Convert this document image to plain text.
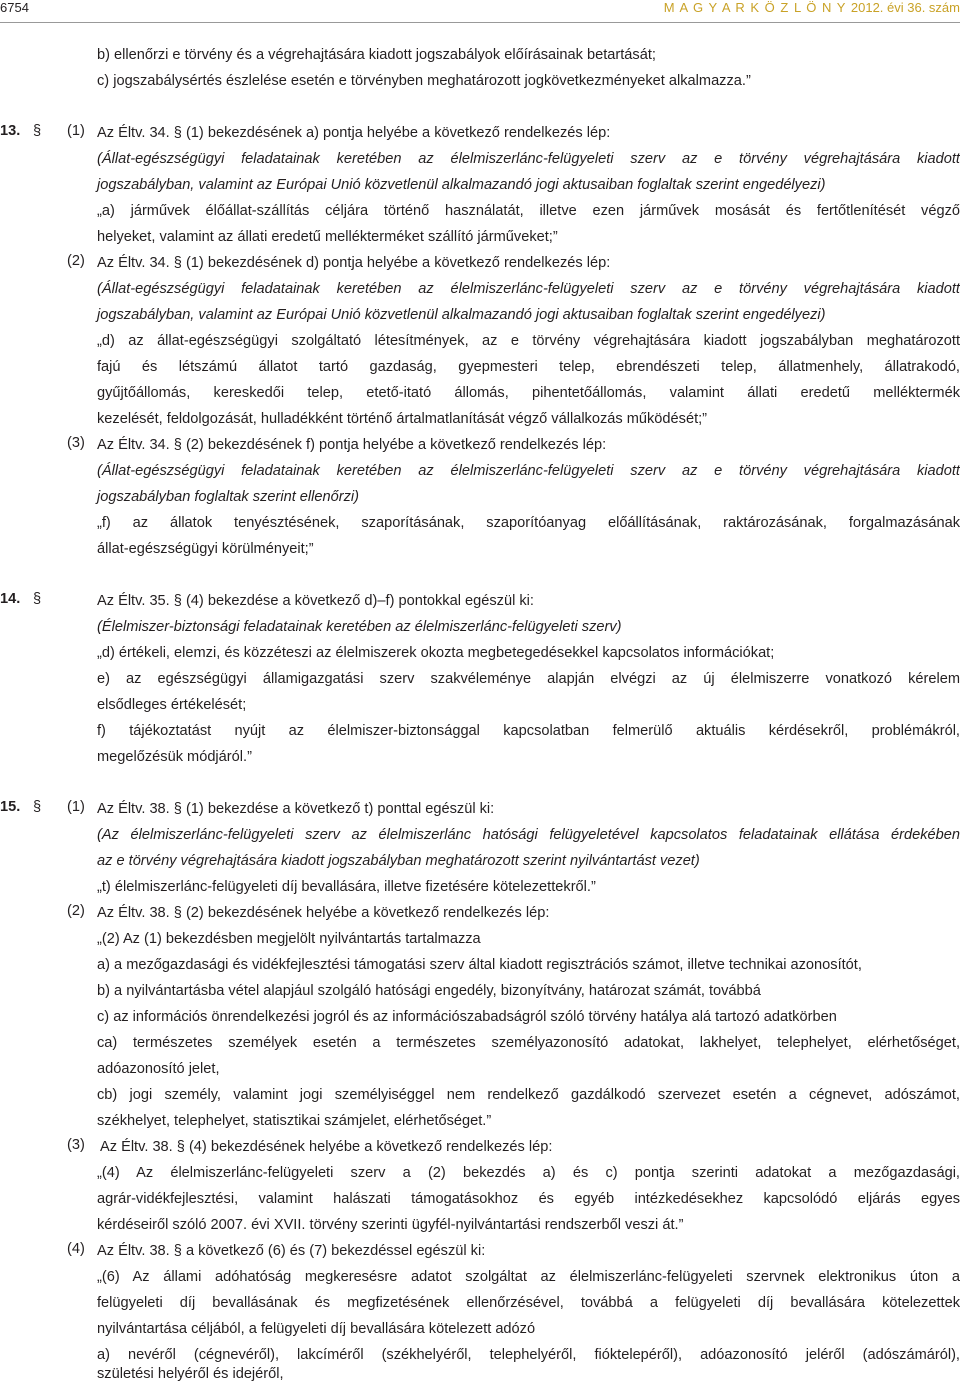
6754	M A G Y A R K Ö Z L Ö N Y 2012. évi 36. szám
b) ellenőrzi e törvény és a végrehajtására kiadott jogszabályok előírásainak betartását;
c) jogszabálysértés észlelése esetén e törvényben meghatározott jogkövetkezményeket alkalmazza.”
13. § (1) Az Éltv. 34. § (1) bekezdésének a) pontja helyébe a következő rendelkezés lép:
(Állat-egészségügyi feladatainak keretében az élelmiszerlánc-felügyeleti szerv az e törvény végrehajtására kiadott
jogszabályban, valamint az Európai Unió közvetlenül alkalmazandó jogi aktusaiban foglaltak szerint engedélyezi)
„a) járművek élőállat-szállítás céljára történő használatát, illetve ezen járművek mosását és fertőtlenítését végző
helyeket, valamint az állati eredetű mellékterméket szállító járműveket;”
(2) Az Éltv. 34. § (1) bekezdésének d) pontja helyébe a következő rendelkezés lép:
(Állat-egészségügyi feladatainak keretében az élelmiszerlánc-felügyeleti szerv az e törvény végrehajtására kiadott
jogszabályban, valamint az Európai Unió közvetlenül alkalmazandó jogi aktusaiban foglaltak szerint engedélyezi)
„d) az állat-egészségügyi szolgáltató létesítmények, az e törvény végrehajtására kiadott jogszabályban meghatározott
fajú és létszámú állatot tartó gazdaság, gyepmesteri telep, ebrendészeti telep, állatmenhely, állatrakodó,
gyűjtőállomás, kereskedői telep, etető-itató állomás, pihentetőállomás, valamint állati eredetű melléktermék
kezelését, feldolgozását, hulladékként történő ártalmatlanítását végző vállalkozás működését;”
(3) Az Éltv. 34. § (2) bekezdésének f) pontja helyébe a következő rendelkezés lép:
(Állat-egészségügyi feladatainak keretében az élelmiszerlánc-felügyeleti szerv az e törvény végrehajtására kiadott
jogszabályban foglaltak szerint ellenőrzi)
„f) az állatok tenyésztésének, szaporításának, szaporítóanyag előállításának, raktározásának, forgalmazásának
állat-egészségügyi körülményeit;”
14. §	Az Éltv. 35. § (4) bekezdése a következő d)–f) pontokkal egészül ki:
(Élelmiszer-biztonsági feladatainak keretében az élelmiszerlánc-felügyeleti szerv)
„d) értékeli, elemzi, és közzéteszi az élelmiszerek okozta megbetegedésekkel kapcsolatos információkat;
e) az egészségügyi államigazgatási szerv szakvéleménye alapján elvégzi az új élelmiszerre vonatkozó kérelem
elsődleges értékelését;
f) tájékoztatást nyújt az élelmiszer-biztonsággal kapcsolatban felmerülő aktuális kérdésekről, problémákról,
megelőzésük módjáról.”
15. § (1) Az Éltv. 38. § (1) bekezdése a következő t) ponttal egészül ki:
(Az élelmiszerlánc-felügyeleti szerv az élelmiszerlánc hatósági felügyeletével kapcsolatos feladatainak ellátása érdekében
az e törvény végrehajtására kiadott jogszabályban meghatározott szerint nyilvántartást vezet)
„t) élelmiszerlánc-felügyeleti díj bevallására, illetve fizetésére kötelezettekről.”
(2) Az Éltv. 38. § (2) bekezdésének helyébe a következő rendelkezés lép:
„(2) Az (1) bekezdésben megjelölt nyilvántartás tartalmazza
a) a mezőgazdasági és vidékfejlesztési támogatási szerv által kiadott regisztrációs számot, illetve technikai azonosítót,
b) a nyilvántartásba vétel alapjául szolgáló hatósági engedély, bizonyítvány, határozat számát, továbbá
c) az információs önrendelkezési jogról és az információszabadságról szóló törvény hatálya alá tartozó adatkörben
ca) természetes személyek esetén a természetes személyazonosító adatokat, lakhelyet, telephelyet, elérhetőséget,
adóazonosító jelet,
cb) jogi személy, valamint jogi személyiséggel nem rendelkező gazdálkodó szervezet esetén a cégnevet, adószámot,
székhelyet, telephelyet, statisztikai számjelet, elérhetőséget.”
(3) Az Éltv. 38. § (4) bekezdésének helyébe a következő rendelkezés lép:
„(4) Az élelmiszerlánc-felügyeleti szerv a (2) bekezdés a) és c) pontja szerinti adatokat a mezőgazdasági,
agrár-vidékfejlesztési, valamint halászati támogatásokhoz és egyéb intézkedésekhez kapcsolódó eljárás egyes
kérdéseiről szóló 2007. évi XVII. törvény szerinti ügyfél-nyilvántartási rendszerből veszi át.”
(4) Az Éltv. 38. § a következő (6) és (7) bekezdéssel egészül ki:
„(6) Az állami adóhatóság megkeresésre adatot szolgáltat az élelmiszerlánc-felügyeleti szervnek elektronikus úton a
felügyeleti díj bevallásának és megfizetésének ellenőrzésével, továbbá a felügyeleti díj bevallására kötelezettek
nyilvántartása céljából, a felügyeleti díj bevallására kötelezett adózó
a) nevéről (cégnevéről), lakcíméről (székhelyéről, telephelyéről, fióktelepéről), adóazonosító jeléről (adószámáról),
születési helyéről és idejéről,
